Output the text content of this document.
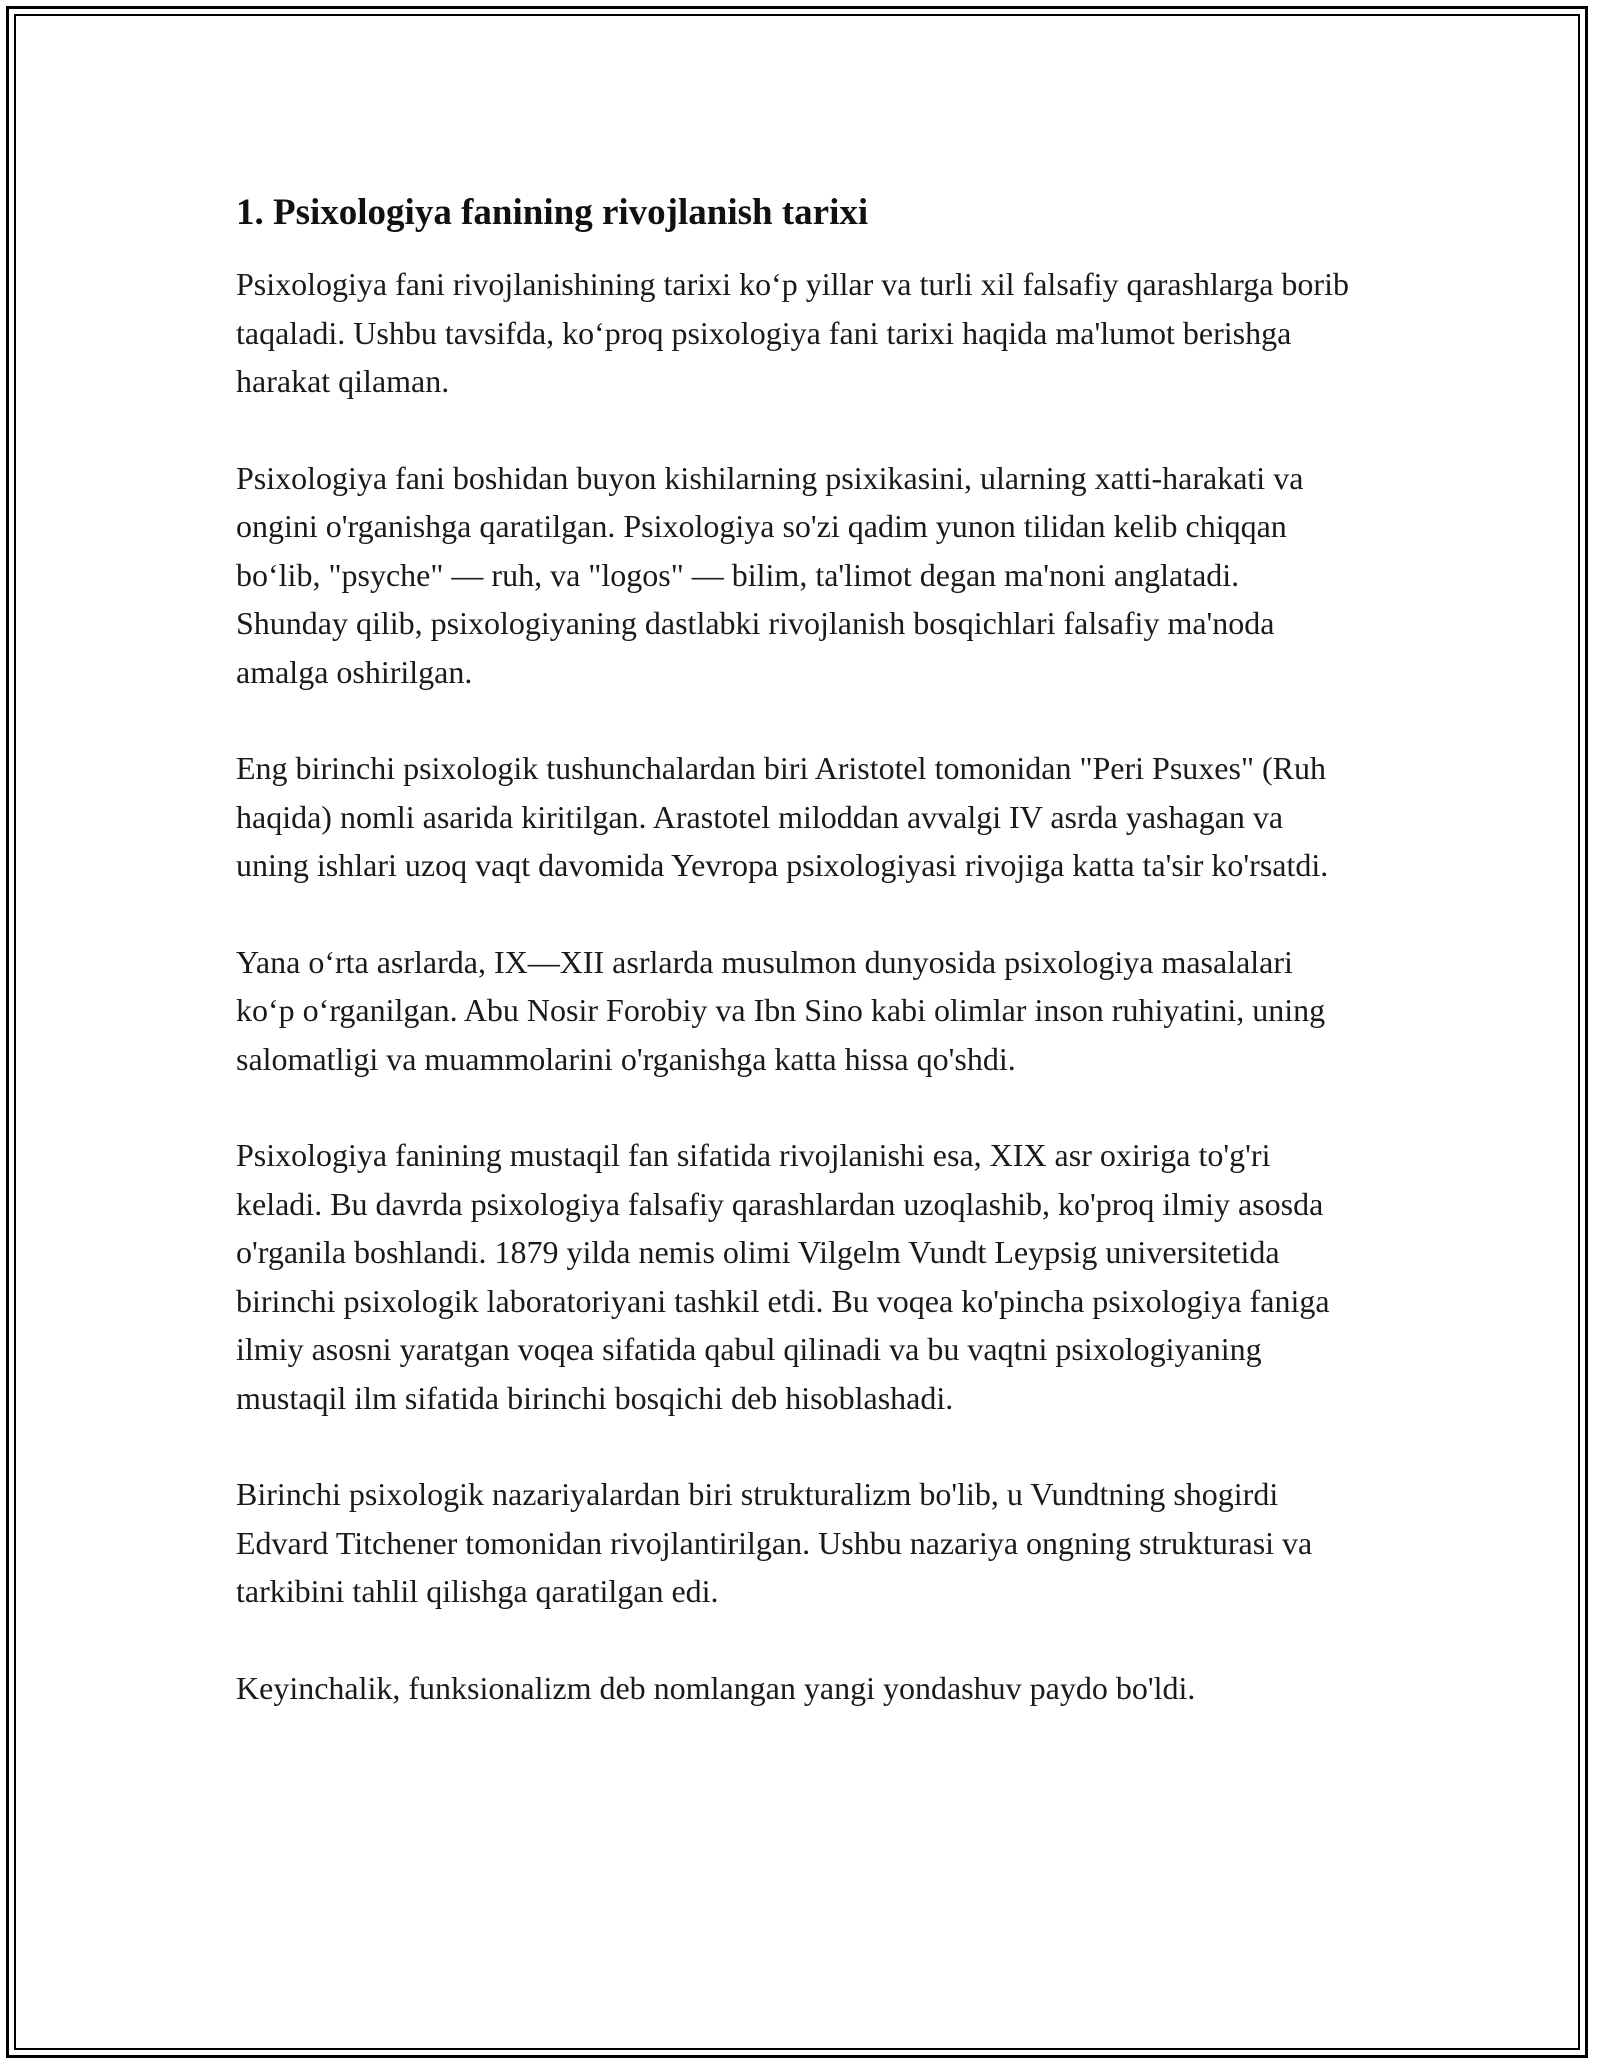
1. Psixologiya fanining rivojlanish tarixi

Psixologiya fani rivojlanishining tarixi ko‘p yillar va turli xil falsafiy qarashlarga borib taqaladi. Ushbu tavsifda, ko‘proq psixologiya fani tarixi haqida ma'lumot berishga harakat qilaman.

Psixologiya fani boshidan buyon kishilarning psixikasini, ularning xatti-harakati va ongini o'rganishga qaratilgan. Psixologiya so'zi qadim yunon tilidan kelib chiqqan bo‘lib, "psyche" — ruh, va "logos" — bilim, ta'limot degan ma'noni anglatadi. Shunday qilib, psixologiyaning dastlabki rivojlanish bosqichlari falsafiy ma'noda amalga oshirilgan.

Eng birinchi psixologik tushunchalardan biri Aristotel tomonidan "Peri Psuxes" (Ruh haqida) nomli asarida kiritilgan. Arastotel miloddan avvalgi IV asrda yashagan va uning ishlari uzoq vaqt davomida Yevropa psixologiyasi rivojiga katta ta'sir ko'rsatdi.

Yana o‘rta asrlarda, IX—XII asrlarda musulmon dunyosida psixologiya masalalari ko‘p o‘rganilgan. Abu Nosir Forobiy va Ibn Sino kabi olimlar inson ruhiyatini, uning salomatligi va muammolarini o'rganishga katta hissa qo'shdi.

Psixologiya fanining mustaqil fan sifatida rivojlanishi esa, XIX asr oxiriga to'g'ri keladi. Bu davrda psixologiya falsafiy qarashlardan uzoqlashib, ko'proq ilmiy asosda o'rganila boshlandi. 1879 yilda nemis olimi Vilgelm Vundt Leypsig universitetida birinchi psixologik laboratoriyani tashkil etdi. Bu voqea ko'pincha psixologiya faniga ilmiy asosni yaratgan voqea sifatida qabul qilinadi va bu vaqtni psixologiyaning mustaqil ilm sifatida birinchi bosqichi deb hisoblashadi.

Birinchi psixologik nazariyalardan biri strukturalizm bo'lib, u Vundtning shogirdi Edvard Titchener tomonidan rivojlantirilgan. Ushbu nazariya ongning strukturasi va tarkibini tahlil qilishga qaratilgan edi.

Keyinchalik, funksionalizm deb nomlangan yangi yondashuv paydo bo'ldi.
